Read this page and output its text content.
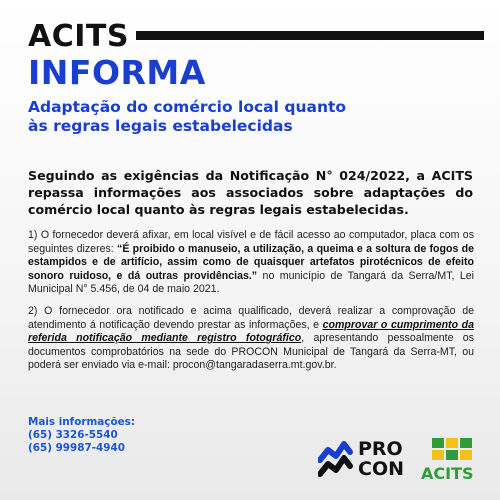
ACITS
INFORMA
Adaptação do comércio local quanto
às regras legais estabelecidas
Seguindo as exigências da Notificação N° 024/2022, a ACITS repassa informações aos associados sobre adaptações do comércio local quanto às regras legais estabelecidas.
1) O fornecedor deverá afixar, em local visível e de fácil acesso ao computador, placa com os seguintes dizeres: “É proibido o manuseio, a utilização, a queima e a soltura de fogos de estampidos e de artifício, assim como de quaisquer artefatos pirotécnicos de efeito sonoro ruidoso, e dá outras providências.” no município de Tangará da Serra/MT, Lei Municipal N° 5.456, de 04 de maio 2021.
2) O fornecedor ora notificado e acima qualificado, deverá realizar a comprovação de atendimento á notificação devendo prestar as informações, e comprovar o cumprimento da referida notificação mediante registro fotográfico, apresentando pessoalmente os documentos comprobatórios na sede do PROCON Municipal de Tangará da Serra-MT, ou poderá ser enviado via e-mail: procon@tangaradaserra.mt.gov.br.
Mais informações:
(65) 3326-5540
(65) 99987-4940	PRO
CON ACITS
